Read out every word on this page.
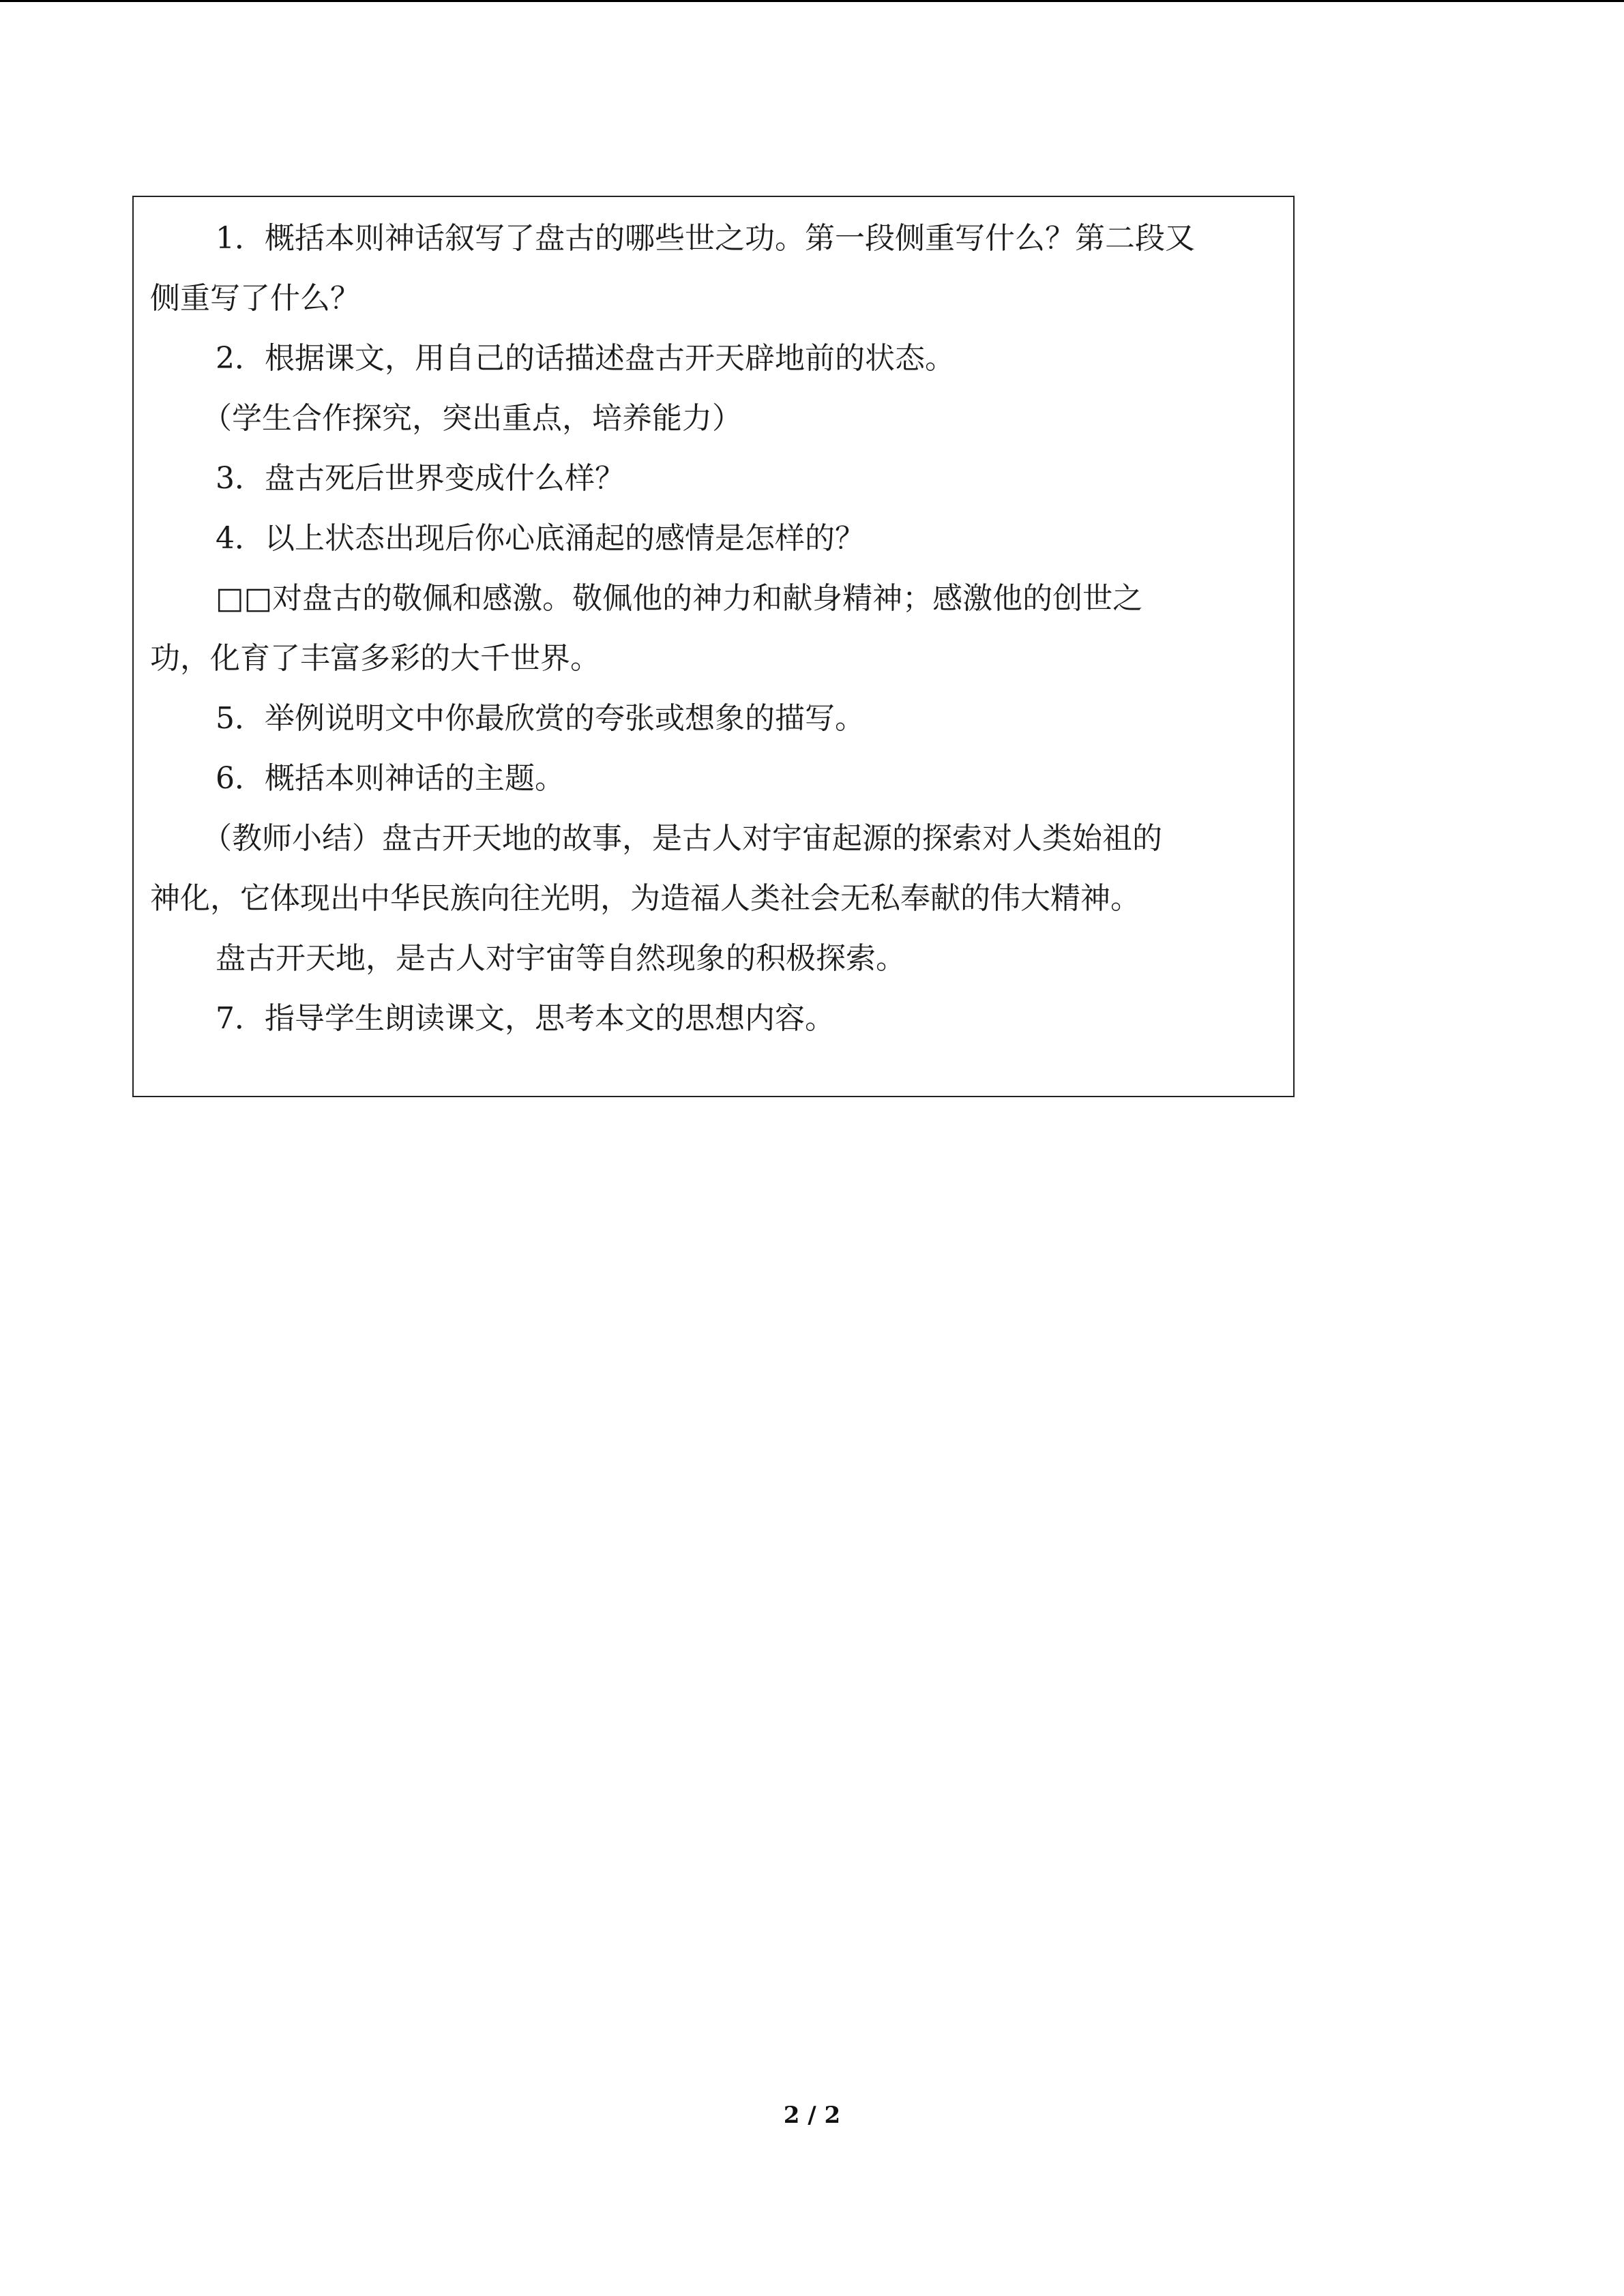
1．概括本则神话叙写了盘古的哪些世之功。第一段侧重写什么？第二段又
侧重写了什么？
2．根据课文，用自己的话描述盘古开天辟地前的状态。
（学生合作探究，突出重点，培养能力）
3．盘古死后世界变成什么样？
4．以上状态出现后你心底涌起的感情是怎样的？
□□对盘古的敬佩和感激。敬佩他的神力和献身精神；感激他的创世之
功，化育了丰富多彩的大千世界。
5．举例说明文中你最欣赏的夸张或想象的描写。
6．概括本则神话的主题。
（教师小结）盘古开天地的故事，是古人对宇宙起源的探索对人类始祖的
神化，它体现出中华民族向往光明，为造福人类社会无私奉献的伟大精神。
盘古开天地，是古人对宇宙等自然现象的积极探索。
7．指导学生朗读课文，思考本文的思想内容。
2 / 2
